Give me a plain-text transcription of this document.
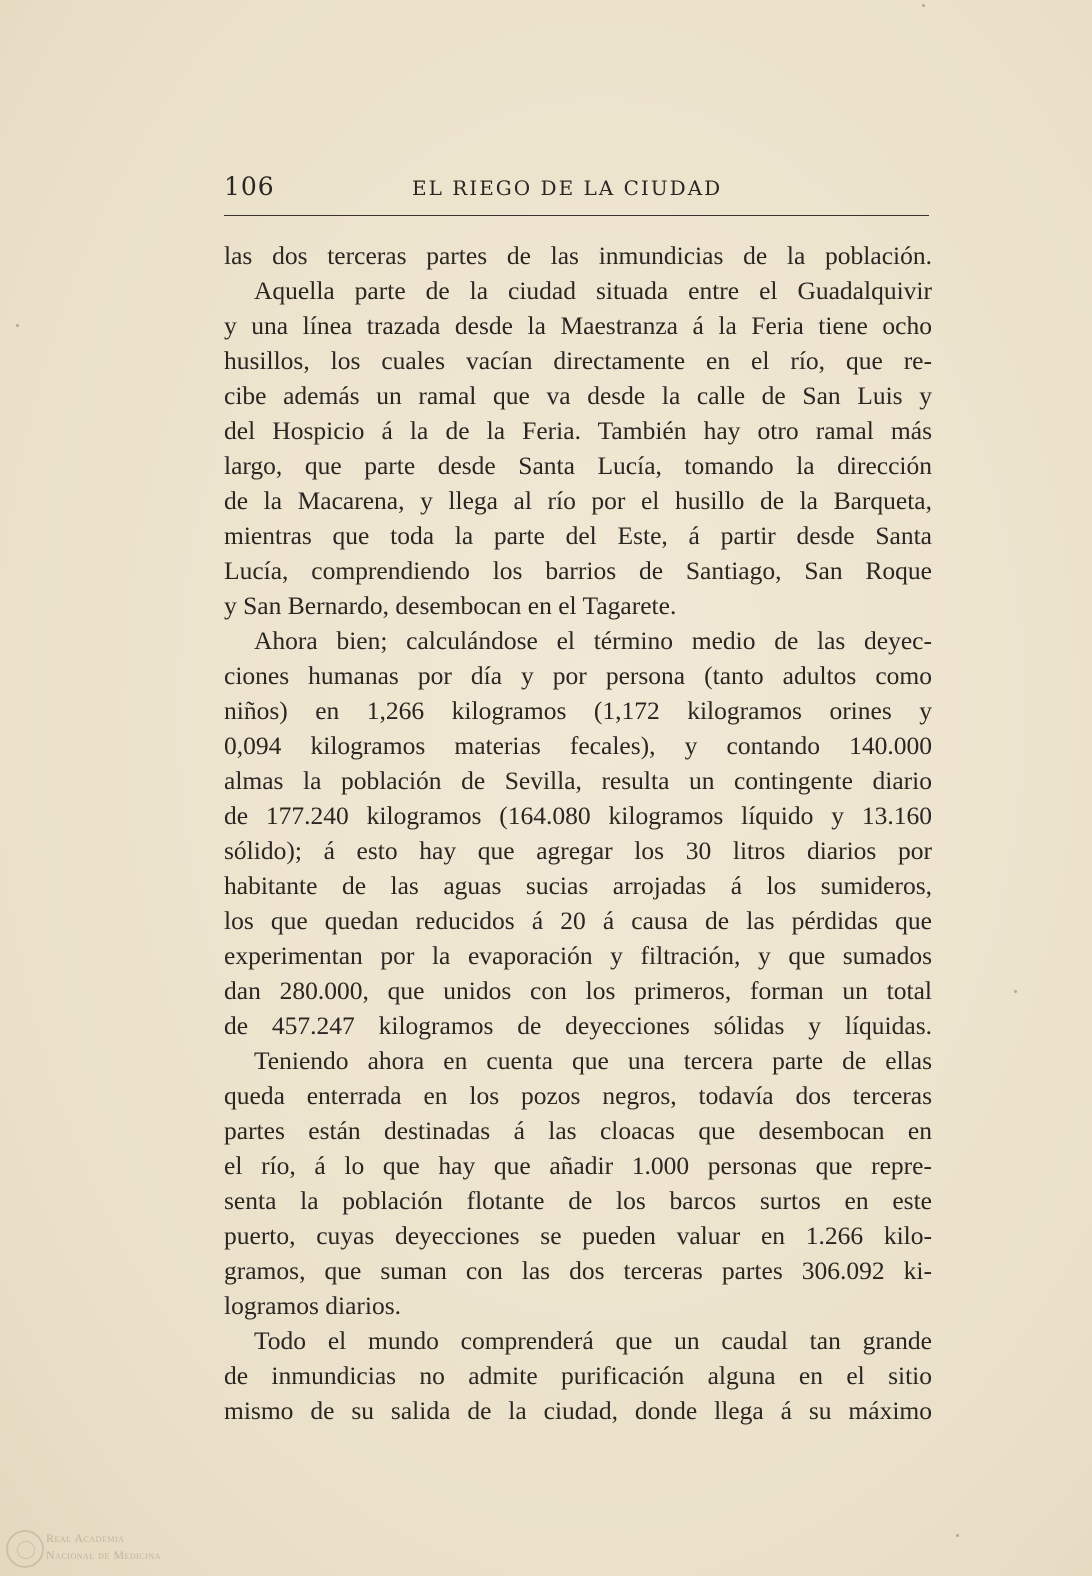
106	EL RIEGO DE LA CIUDAD
las dos terceras partes de las inmundicias de la población.
Aquella parte de la ciudad situada entre el Guadalquivir
y una línea trazada desde la Maestranza á la Feria tiene ocho
husillos, los cuales vacían directamente en el río, que re-
cibe además un ramal que va desde la calle de San Luis y
del Hospicio á la de la Feria. También hay otro ramal más
largo, que parte desde Santa Lucía, tomando la dirección
de la Macarena, y llega al río por el husillo de la Barqueta,
mientras que toda la parte del Este, á partir desde Santa
Lucía, comprendiendo los barrios de Santiago, San Roque
y San Bernardo, desembocan en el Tagarete.
Ahora bien; calculándose el término medio de las deyec-
ciones humanas por día y por persona (tanto adultos como
niños) en 1,266 kilogramos (1,172 kilogramos orines y
0,094 kilogramos materias fecales), y contando 140.000
almas la población de Sevilla, resulta un contingente diario
de 177.240 kilogramos (164.080 kilogramos líquido y 13.160
sólido); á esto hay que agregar los 30 litros diarios por
habitante de las aguas sucias arrojadas á los sumideros,
los que quedan reducidos á 20 á causa de las pérdidas que
experimentan por la evaporación y filtración, y que sumados
dan 280.000, que unidos con los primeros, forman un total
de 457.247 kilogramos de deyecciones sólidas y líquidas.
Teniendo ahora en cuenta que una tercera parte de ellas
queda enterrada en los pozos negros, todavía dos terceras
partes están destinadas á las cloacas que desembocan en
el río, á lo que hay que añadir 1.000 personas que repre-
senta la población flotante de los barcos surtos en este
puerto, cuyas deyecciones se pueden valuar en 1.266 kilo-
gramos, que suman con las dos terceras partes 306.092 ki-
logramos diarios.
Todo el mundo comprenderá que un caudal tan grande
de inmundicias no admite purificación alguna en el sitio
mismo de su salida de la ciudad, donde llega á su máximo
Real Academia
Nacional de Medicina
